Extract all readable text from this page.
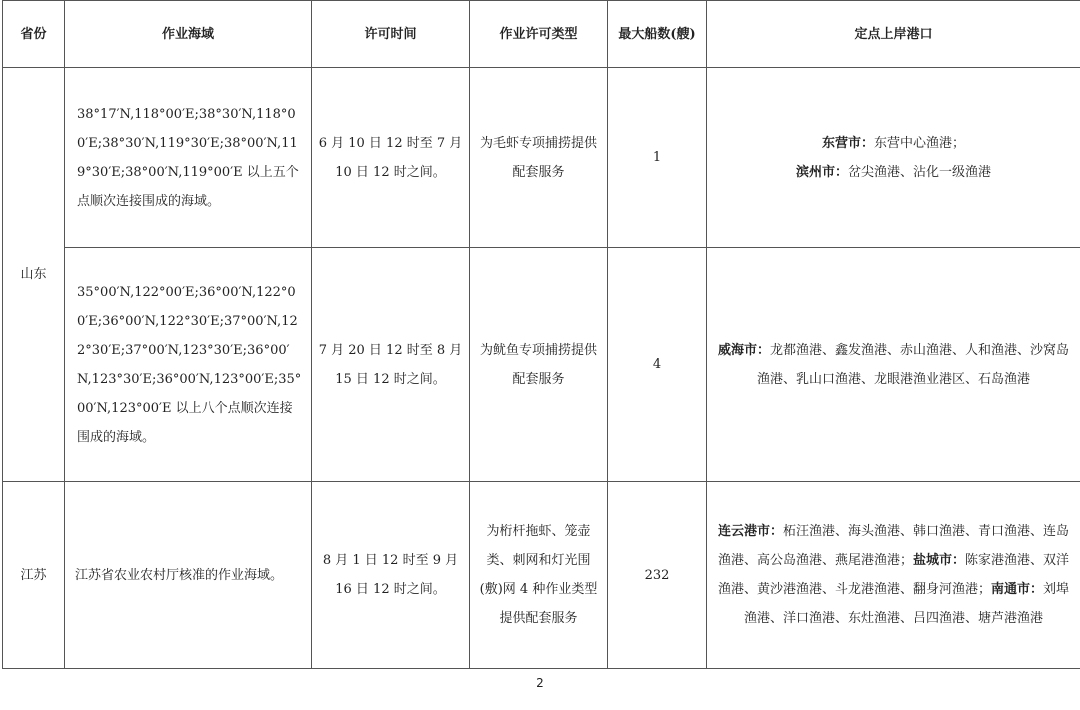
省份	作业海域	许可时间	作业许可类型	最大船数(艘)	定点上岸港口
山东	38°17′N,118°00′E;38°30′N,118°00′E;38°30′N,119°30′E;38°00′N,119°30′E;38°00′N,119°00′E 以上五个点顺次连接围成的海域。	6 月 10 日 12 时至 7 月 10 日 12 时之间。	为毛虾专项捕捞提供配套服务	1	东营市：东营中心渔港；
滨州市：岔尖渔港、沾化一级渔港

	35°00′N,122°00′E;36°00′N,122°00′E;36°00′N,122°30′E;37°00′N,122°30′E;37°00′N,123°30′E;36°00′N,123°30′E;36°00′N,123°00′E;35°00′N,123°00′E 以上八个点顺次连接围成的海域。	7 月 20 日 12 时至 8 月 15 日 12 时之间。	为鱿鱼专项捕捞提供配套服务	4	威海市：龙都渔港、鑫发渔港、赤山渔港、人和渔港、沙窝岛渔港、乳山口渔港、龙眼港渔业港区、石岛渔港
江苏	江苏省农业农村厅核准的作业海域。	8 月 1 日 12 时至 9 月 16 日 12 时之间。	为桁杆拖虾、笼壶类、刺网和灯光围(敷)网 4 种作业类型提供配套服务	232	连云港市：柘汪渔港、海头渔港、韩口渔港、青口渔港、连岛渔港、高公岛渔港、燕尾港渔港；盐城市：陈家港渔港、双洋渔港、黄沙港渔港、斗龙港渔港、翻身河渔港；南通市：刘埠渔港、洋口渔港、东灶渔港、吕四渔港、塘芦港渔港
2
